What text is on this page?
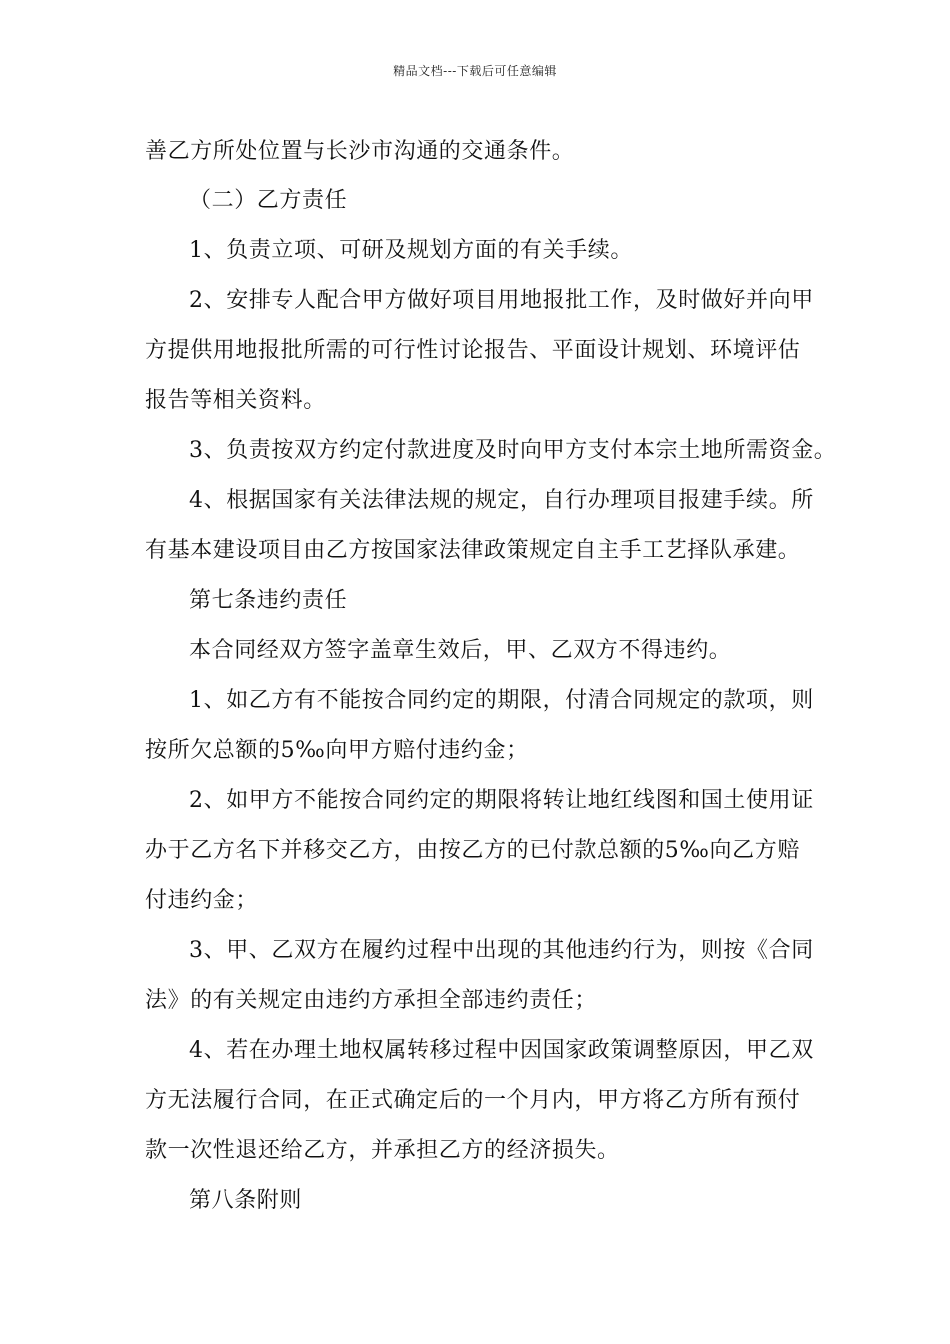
精品文档---下载后可任意编辑
善乙方所处位置与长沙市沟通的交通条件。
（二）乙方责任
1、负责立项、可研及规划方面的有关手续。
2、安排专人配合甲方做好项目用地报批工作，及时做好并向甲
方提供用地报批所需的可行性讨论报告、平面设计规划、环境评估
报告等相关资料。
3、负责按双方约定付款进度及时向甲方支付本宗土地所需资金。
4、根据国家有关法律法规的规定，自行办理项目报建手续。所
有基本建设项目由乙方按国家法律政策规定自主手工艺择队承建。
第七条违约责任
本合同经双方签字盖章生效后，甲、乙双方不得违约。
1、如乙方有不能按合同约定的期限，付清合同规定的款项，则
按所欠总额的5‰向甲方赔付违约金；
2、如甲方不能按合同约定的期限将转让地红线图和国土使用证
办于乙方名下并移交乙方，由按乙方的已付款总额的5‰向乙方赔
付违约金；
3、甲、乙双方在履约过程中出现的其他违约行为，则按《合同
法》的有关规定由违约方承担全部违约责任；
4、若在办理土地权属转移过程中因国家政策调整原因，甲乙双
方无法履行合同，在正式确定后的一个月内，甲方将乙方所有预付
款一次性退还给乙方，并承担乙方的经济损失。
第八条附则
